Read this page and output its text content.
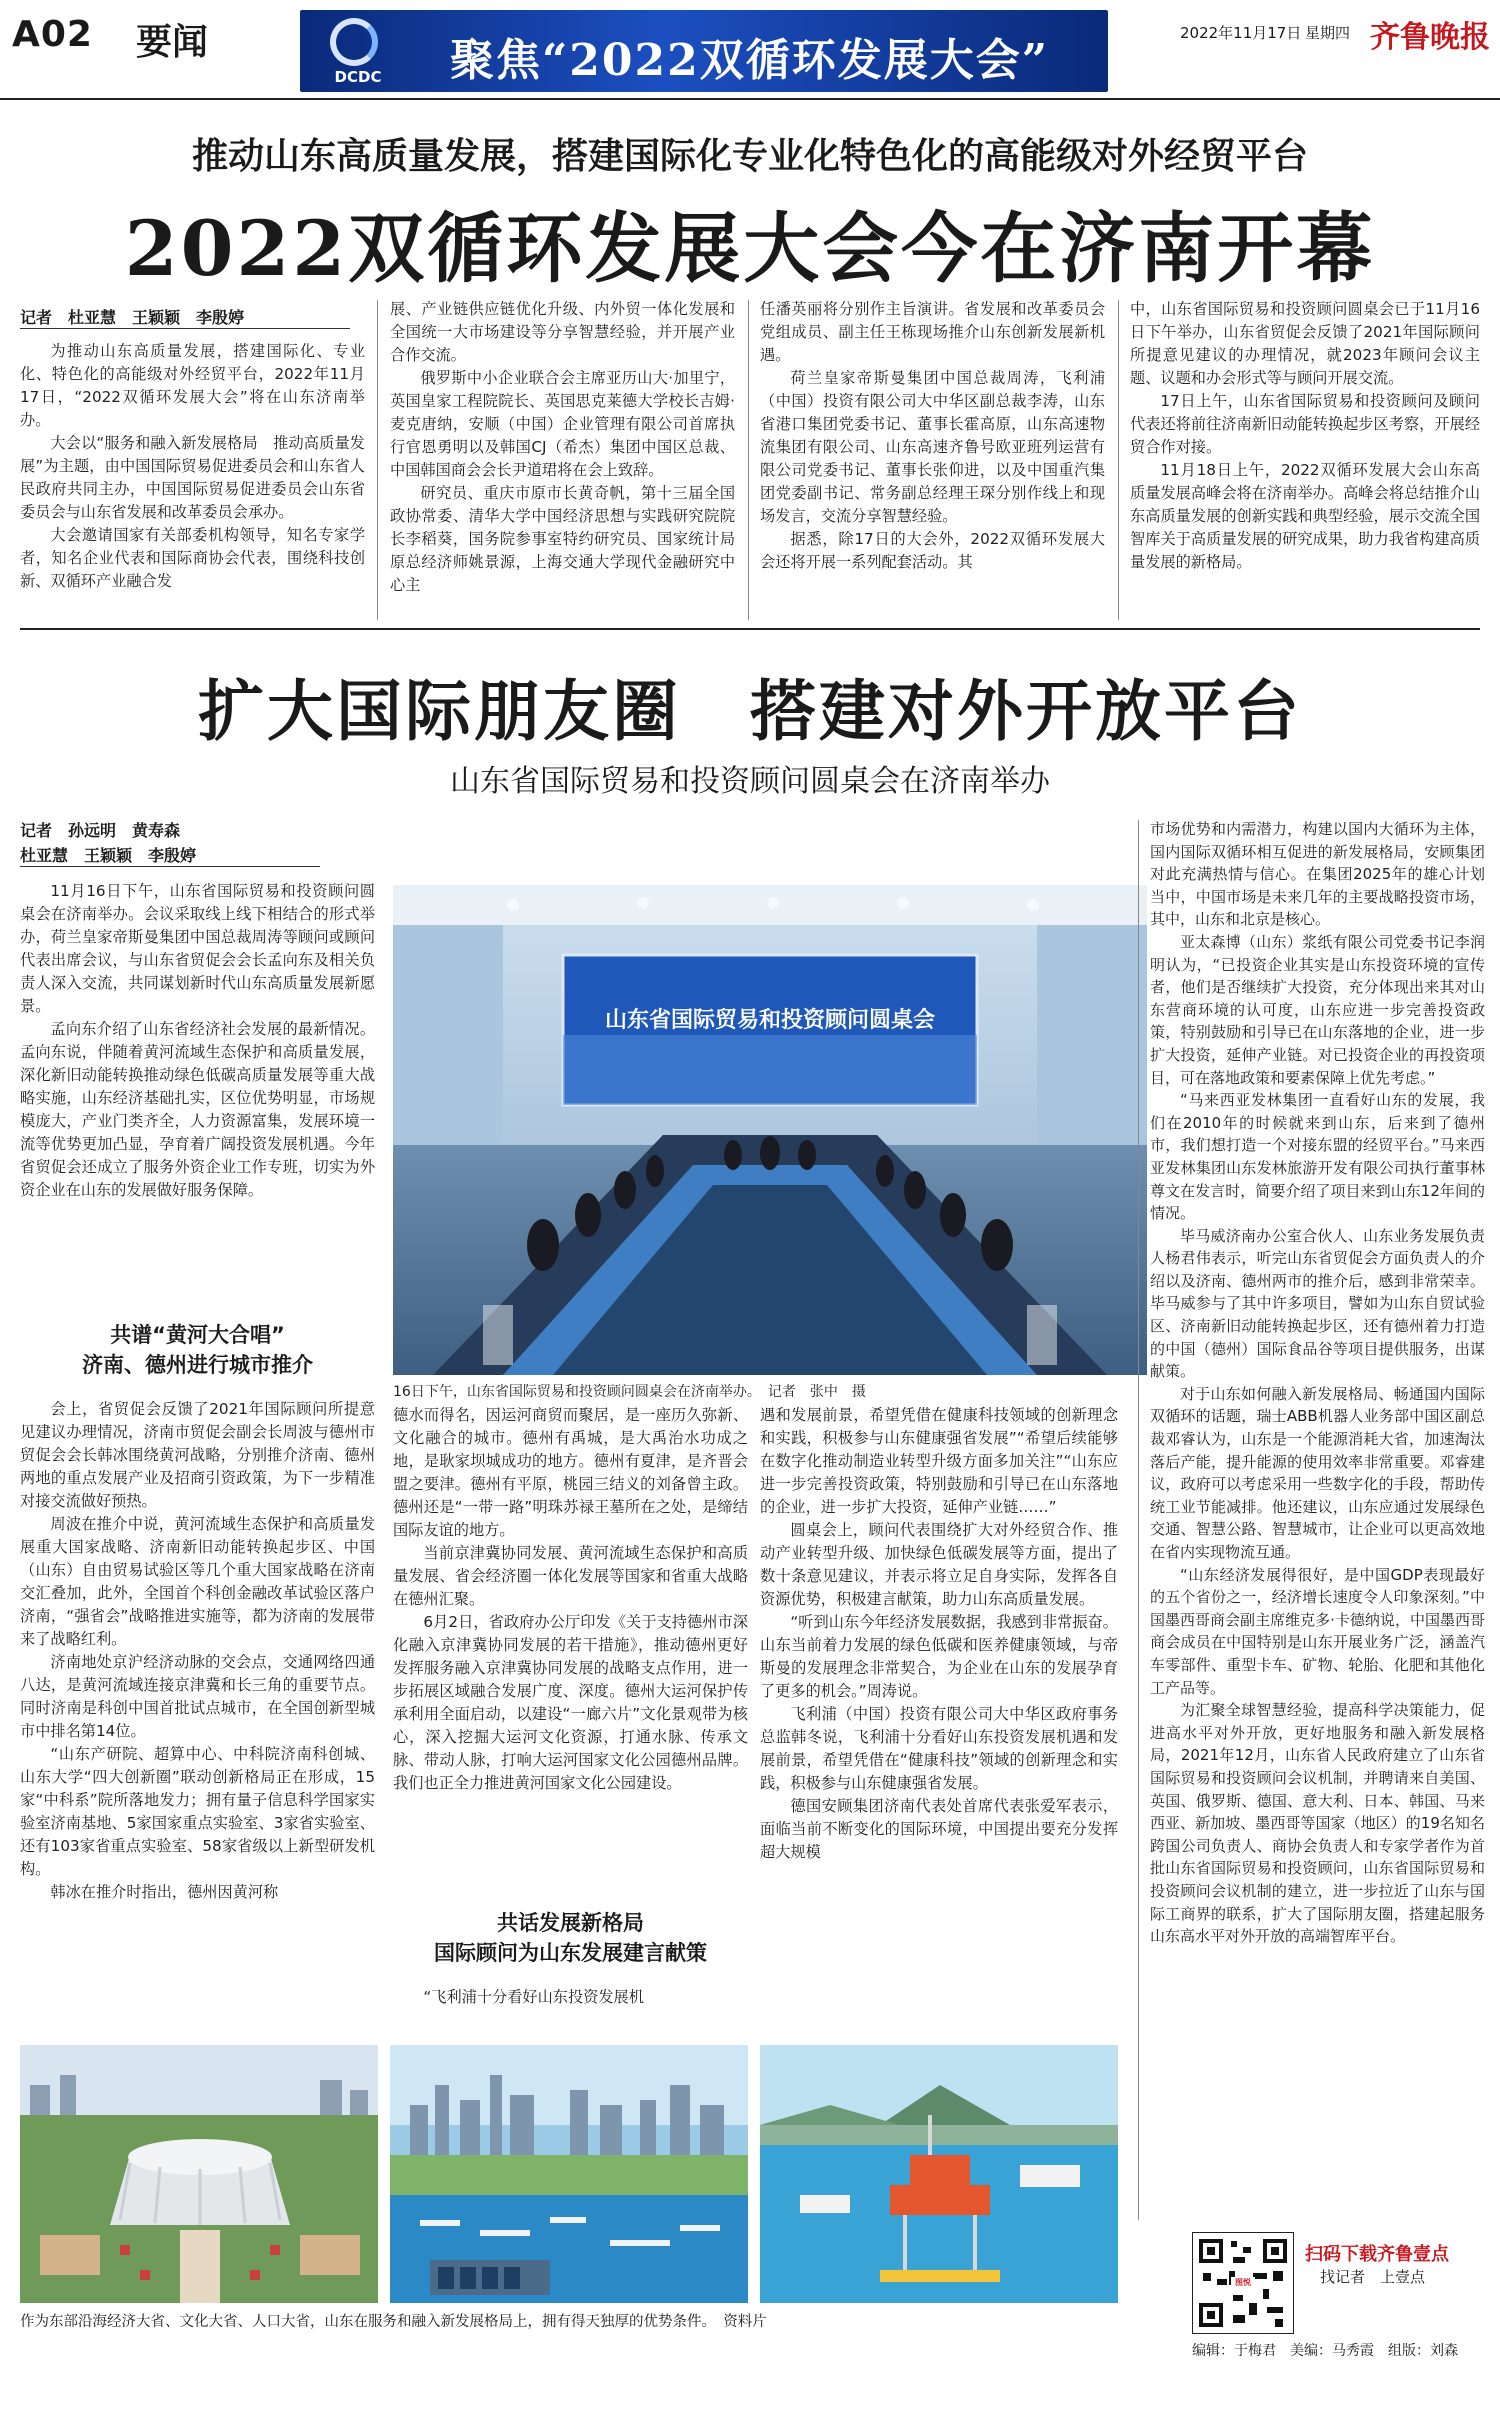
A02 要闻
DCDC	聚焦“2022双循环发展大会”
2022年11月17日 星期四 齐鲁晚报
推动山东高质量发展，搭建国际化专业化特色化的高能级对外经贸平台
2022双循环发展大会今在济南开幕
记者　杜亚慧　王颖颖　李殷婷

为推动山东高质量发展，搭建国际化、专业化、特色化的高能级对外经贸平台，2022年11月17日，“2022双循环发展大会”将在山东济南举办。

大会以“服务和融入新发展格局　推动高质量发展”为主题，由中国国际贸易促进委员会和山东省人民政府共同主办，中国国际贸易促进委员会山东省委员会与山东省发展和改革委员会承办。

大会邀请国家有关部委机构领导，知名专家学者，知名企业代表和国际商协会代表，围绕科技创新、双循环产业融合发

展、产业链供应链优化升级、内外贸一体化发展和全国统一大市场建设等分享智慧经验，并开展产业合作交流。

俄罗斯中小企业联合会主席亚历山大·加里宁，英国皇家工程院院长、英国思克莱德大学校长吉姆·麦克唐纳，安顺（中国）企业管理有限公司首席执行官恩勇明以及韩国CJ（希杰）集团中国区总裁、中国韩国商会会长尹道珺将在会上致辞。

研究员、重庆市原市长黄奇帆，第十三届全国政协常委、清华大学中国经济思想与实践研究院院长李稻葵，国务院参事室特约研究员、国家统计局原总经济师姚景源，上海交通大学现代金融研究中心主

任潘英丽将分别作主旨演讲。省发展和改革委员会党组成员、副主任王栋现场推介山东创新发展新机遇。

荷兰皇家帝斯曼集团中国总裁周涛，飞利浦（中国）投资有限公司大中华区副总裁李涛，山东省港口集团党委书记、董事长霍高原，山东高速物流集团有限公司、山东高速齐鲁号欧亚班列运营有限公司党委书记、董事长张仰进，以及中国重汽集团党委副书记、常务副总经理王琛分别作线上和现场发言，交流分享智慧经验。

据悉，除17日的大会外，2022双循环发展大会还将开展一系列配套活动。其

中，山东省国际贸易和投资顾问圆桌会已于11月16日下午举办，山东省贸促会反馈了2021年国际顾问所提意见建议的办理情况，就2023年顾问会议主题、议题和办会形式等与顾问开展交流。

17日上午，山东省国际贸易和投资顾问及顾问代表还将前往济南新旧动能转换起步区考察，开展经贸合作对接。

11月18日上午，2022双循环发展大会山东高质量发展高峰会将在济南举办。高峰会将总结推介山东高质量发展的创新实践和典型经验，展示交流全国智库关于高质量发展的研究成果，助力我省构建高质量发展的新格局。

扩大国际朋友圈　搭建对外开放平台
山东省国际贸易和投资顾问圆桌会在济南举办
记者　孙远明　黄寿森
杜亚慧　王颖颖　李殷婷

11月16日下午，山东省国际贸易和投资顾问圆桌会在济南举办。会议采取线上线下相结合的形式举办，荷兰皇家帝斯曼集团中国总裁周涛等顾问或顾问代表出席会议，与山东省贸促会会长孟向东及相关负责人深入交流，共同谋划新时代山东高质量发展新愿景。

孟向东介绍了山东省经济社会发展的最新情况。孟向东说，伴随着黄河流域生态保护和高质量发展，深化新旧动能转换推动绿色低碳高质量发展等重大战略实施，山东经济基础扎实，区位优势明显，市场规模庞大，产业门类齐全，人力资源富集，发展环境一流等优势更加凸显，孕育着广阔投资发展机遇。今年省贸促会还成立了服务外资企业工作专班，切实为外资企业在山东的发展做好服务保障。

共谱“黄河大合唱”
济南、德州进行城市推介

会上，省贸促会反馈了2021年国际顾问所提意见建议办理情况，济南市贸促会副会长周波与德州市贸促会会长韩冰围绕黄河战略，分别推介济南、德州两地的重点发展产业及招商引资政策，为下一步精准对接交流做好预热。

周波在推介中说，黄河流域生态保护和高质量发展重大国家战略、济南新旧动能转换起步区、中国（山东）自由贸易试验区等几个重大国家战略在济南交汇叠加，此外，全国首个科创金融改革试验区落户济南，“强省会”战略推进实施等，都为济南的发展带来了战略红利。

济南地处京沪经济动脉的交会点，交通网络四通八达，是黄河流域连接京津冀和长三角的重要节点。同时济南是科创中国首批试点城市，在全国创新型城市中排名第14位。

“山东产研院、超算中心、中科院济南科创城、山东大学“四大创新圈”联动创新格局正在形成，15家“中科系”院所落地发力；拥有量子信息科学国家实验室济南基地、5家国家重点实验室、3家省实验室、还有103家省重点实验室、58家省级以上新型研发机构。

韩冰在推介时指出，德州因黄河称

山东省国际贸易和投资顾问圆桌会
16日下午，山东省国际贸易和投资顾问圆桌会在济南举办。　记者　张中　摄

德水而得名，因运河商贸而聚居，是一座历久弥新、文化融合的城市。德州有禹城，是大禹治水功成之地，是耿家坝城成功的地方。德州有夏津，是齐晋会盟之要津。德州有平原，桃园三结义的刘备曾主政。德州还是“一带一路”明珠苏禄王墓所在之处，是缔结国际友谊的地方。

当前京津冀协同发展、黄河流域生态保护和高质量发展、省会经济圈一体化发展等国家和省重大战略在德州汇聚。

6月2日，省政府办公厅印发《关于支持德州市深化融入京津冀协同发展的若干措施》，推动德州更好发挥服务融入京津冀协同发展的战略支点作用，进一步拓展区域融合发展广度、深度。德州大运河保护传承利用全面启动，以建设“一廊六片”文化景观带为核心，深入挖掘大运河文化资源，打通水脉、传承文脉、带动人脉，打响大运河国家文化公园德州品牌。我们也正全力推进黄河国家文化公园建设。

共话发展新格局
国际顾问为山东发展建言献策

“飞利浦十分看好山东投资发展机

遇和发展前景，希望凭借在健康科技领域的创新理念和实践，积极参与山东健康强省发展”“希望后续能够在数字化推动制造业转型升级方面多加关注”“山东应进一步完善投资政策，特别鼓励和引导已在山东落地的企业，进一步扩大投资，延伸产业链……”

圆桌会上，顾问代表围绕扩大对外经贸合作、推动产业转型升级、加快绿色低碳发展等方面，提出了数十条意见建议，并表示将立足自身实际，发挥各自资源优势，积极建言献策，助力山东高质量发展。

“听到山东今年经济发展数据，我感到非常振奋。山东当前着力发展的绿色低碳和医养健康领域，与帝斯曼的发展理念非常契合，为企业在山东的发展孕育了更多的机会。”周涛说。

飞利浦（中国）投资有限公司大中华区政府事务总监韩冬说，飞利浦十分看好山东投资发展机遇和发展前景，希望凭借在“健康科技”领域的创新理念和实践，积极参与山东健康强省发展。

德国安顾集团济南代表处首席代表张爱军表示，面临当前不断变化的国际环境，中国提出要充分发挥超大规模

市场优势和内需潜力，构建以国内大循环为主体，国内国际双循环相互促进的新发展格局，安顾集团对此充满热情与信心。在集团2025年的雄心计划当中，中国市场是未来几年的主要战略投资市场，其中，山东和北京是核心。

亚太森博（山东）浆纸有限公司党委书记李润明认为，“已投资企业其实是山东投资环境的宣传者，他们是否继续扩大投资，充分体现出来其对山东营商环境的认可度，山东应进一步完善投资政策，特别鼓励和引导已在山东落地的企业，进一步扩大投资，延伸产业链。对已投资企业的再投资项目，可在落地政策和要素保障上优先考虑。”

“马来西亚发林集团一直看好山东的发展，我们在2010年的时候就来到山东，后来到了德州市，我们想打造一个对接东盟的经贸平台。”马来西亚发林集团山东发林旅游开发有限公司执行董事林尊文在发言时，简要介绍了项目来到山东12年间的情况。

毕马威济南办公室合伙人、山东业务发展负责人杨君伟表示，听完山东省贸促会方面负责人的介绍以及济南、德州两市的推介后，感到非常荣幸。毕马威参与了其中许多项目，譬如为山东自贸试验区、济南新旧动能转换起步区，还有德州着力打造的中国（德州）国际食品谷等项目提供服务，出谋献策。

对于山东如何融入新发展格局、畅通国内国际双循环的话题，瑞士ABB机器人业务部中国区副总裁邓睿认为，山东是一个能源消耗大省，加速淘汰落后产能，提升能源的使用效率非常重要。邓睿建议，政府可以考虑采用一些数字化的手段，帮助传统工业节能减排。他还建议，山东应通过发展绿色交通、智慧公路、智慧城市，让企业可以更高效地在省内实现物流互通。

“山东经济发展得很好，是中国GDP表现最好的五个省份之一，经济增长速度令人印象深刻。”中国墨西哥商会副主席维克多·卡德纳说，中国墨西哥商会成员在中国特别是山东开展业务广泛，涵盖汽车零部件、重型卡车、矿物、轮胎、化肥和其他化工产品等。

为汇聚全球智慧经验，提高科学决策能力，促进高水平对外开放，更好地服务和融入新发展格局，2021年12月，山东省人民政府建立了山东省国际贸易和投资顾问会议机制，并聘请来自美国、英国、俄罗斯、德国、意大利、日本、韩国、马来西亚、新加坡、墨西哥等国家（地区）的19名知名跨国公司负责人、商协会负责人和专家学者作为首批山东省国际贸易和投资顾问，山东省国际贸易和投资顾问会议机制的建立，进一步拉近了山东与国际工商界的联系，扩大了国际朋友圈，搭建起服务山东高水平对外开放的高端智库平台。

作为东部沿海经济大省、文化大省、人口大省，山东在服务和融入新发展格局上，拥有得天独厚的优势条件。　资料片
图悦
扫码下载齐鲁壹点
找记者　上壹点
编辑：于梅君　美编：马秀霞　组版：刘森
